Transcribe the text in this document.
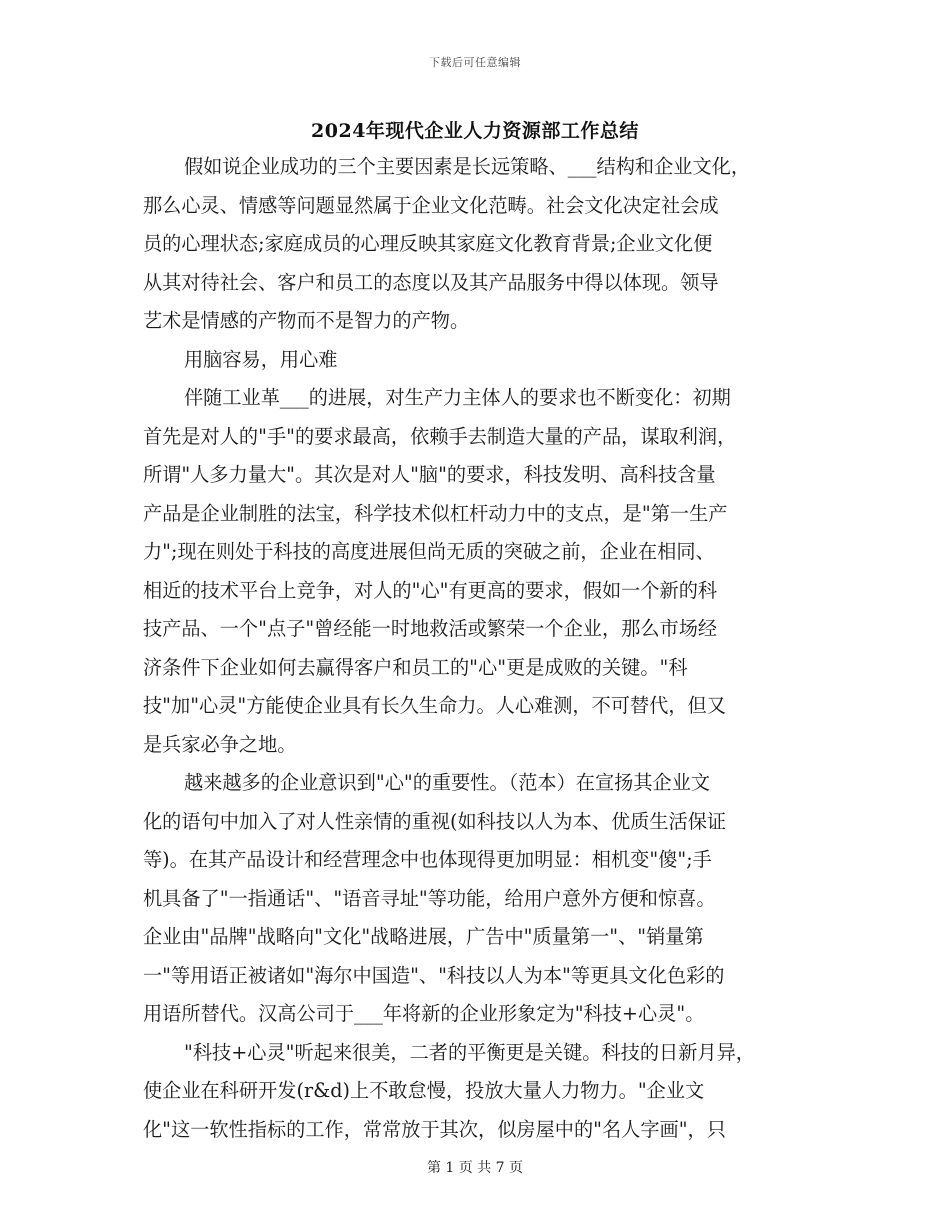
下载后可任意编辑
2024年现代企业人力资源部工作总结
假如说企业成功的三个主要因素是长远策略、___结构和企业文化，
那么心灵、情感等问题显然属于企业文化范畴。社会文化决定社会成
员的心理状态;家庭成员的心理反映其家庭文化教育背景;企业文化便
从其对待社会、客户和员工的态度以及其产品服务中得以体现。领导
艺术是情感的产物而不是智力的产物。
用脑容易，用心难
伴随工业革___的进展，对生产力主体人的要求也不断变化：初期
首先是对人的"手"的要求最高，依赖手去制造大量的产品，谋取利润，
所谓"人多力量大"。其次是对人"脑"的要求，科技发明、高科技含量
产品是企业制胜的法宝，科学技术似杠杆动力中的支点，是"第一生产
力";现在则处于科技的高度进展但尚无质的突破之前，企业在相同、
相近的技术平台上竞争，对人的"心"有更高的要求，假如一个新的科
技产品、一个"点子"曾经能一时地救活或繁荣一个企业，那么市场经
济条件下企业如何去赢得客户和员工的"心"更是成败的关键。"科
技"加"心灵"方能使企业具有长久生命力。人心难测，不可替代，但又
是兵家必争之地。
越来越多的企业意识到"心"的重要性。（范本）在宣扬其企业文
化的语句中加入了对人性亲情的重视(如科技以人为本、优质生活保证
等)。在其产品设计和经营理念中也体现得更加明显：相机变"傻";手
机具备了"一指通话"、"语音寻址"等功能，给用户意外方便和惊喜。
企业由"品牌"战略向"文化"战略进展，广告中"质量第一"、"销量第
一"等用语正被诸如"海尔中国造"、"科技以人为本"等更具文化色彩的
用语所替代。汉高公司于___年将新的企业形象定为"科技+心灵"。
"科技+心灵"听起来很美，二者的平衡更是关键。科技的日新月异，
使企业在科研开发(r&d)上不敢怠慢，投放大量人力物力。"企业文
化"这一软性指标的工作，常常放于其次，似房屋中的"名人字画"，只
第 1 页 共 7 页
